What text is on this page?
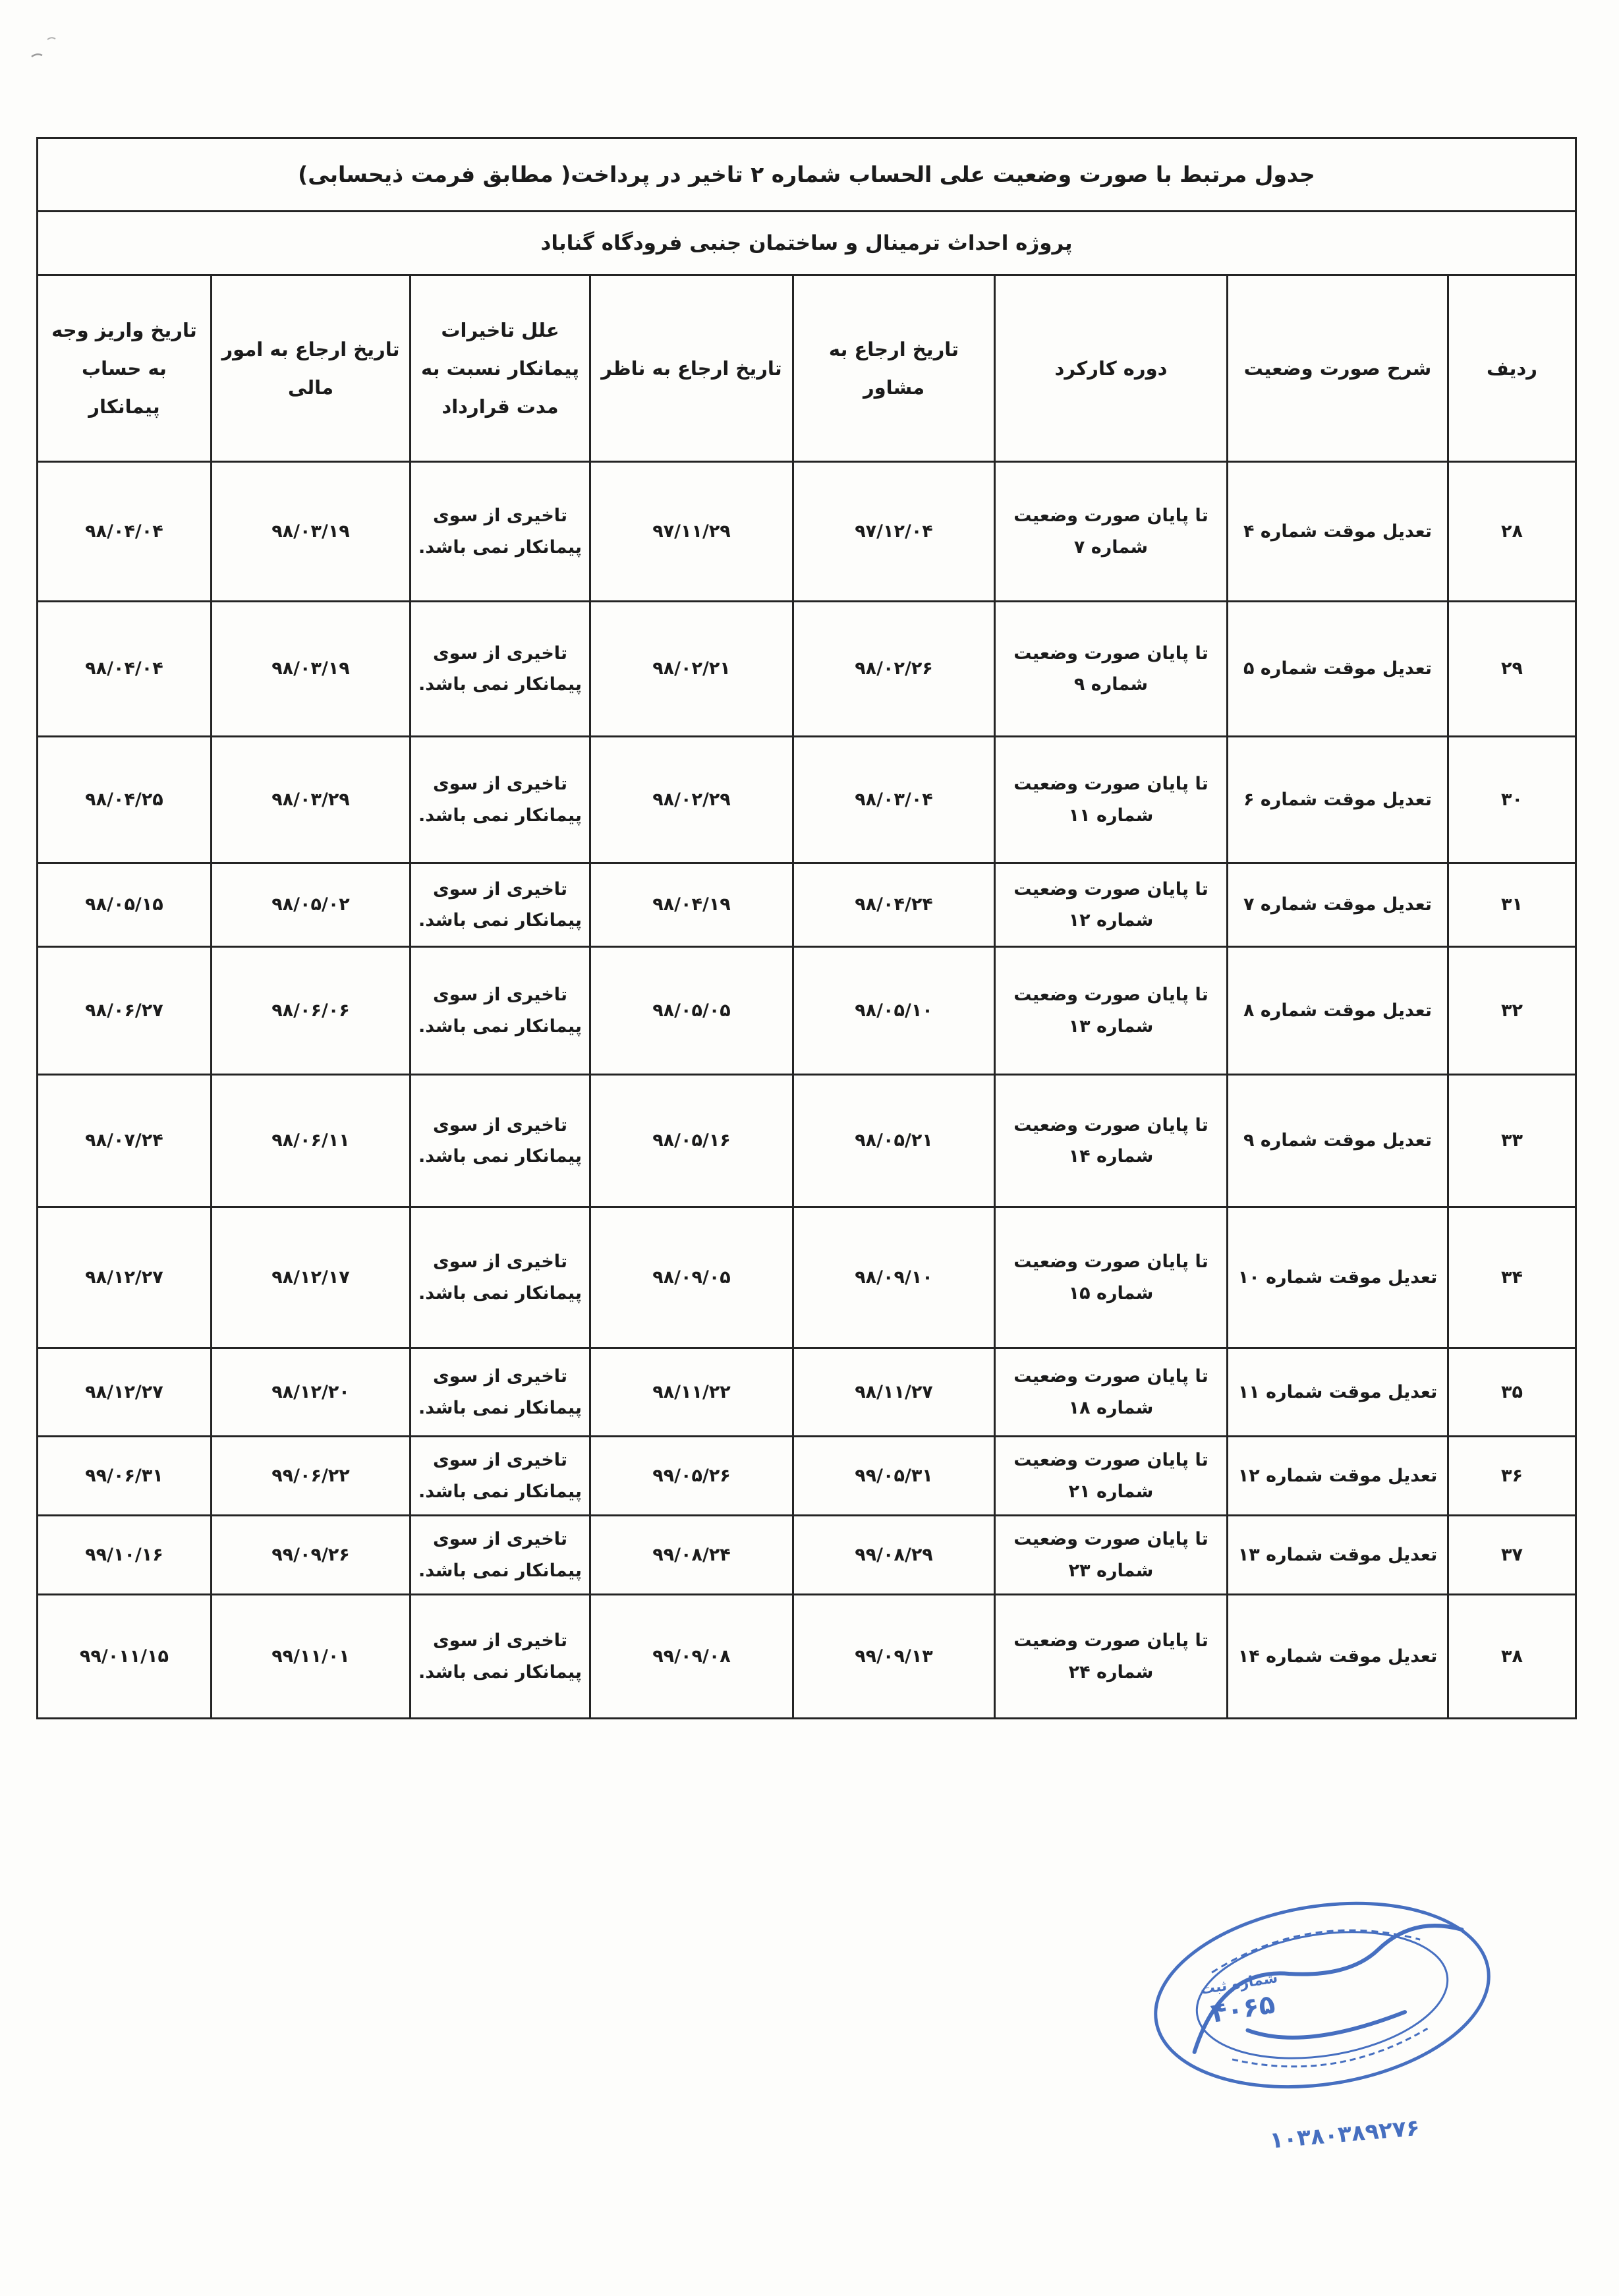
جدول مرتبط با صورت وضعیت علی الحساب شماره ۲ تاخیر در پرداخت( مطابق فرمت ذیحسابی)							
پروژه احداث ترمینال و ساختمان جنبی فرودگاه گناباد							
ردیف	شرح صورت وضعیت	دوره کارکرد	تاریخ ارجاع به مشاور	تاریخ ارجاع به ناظر	علل تاخیرات پیمانکار نسبت به مدت قرارداد	تاریخ ارجاع به امور مالی	تاریخ واریز وجه به حساب پیمانکار
۲۸	تعدیل موقت شماره ۴	تا پایان صورت وضعیت شماره ۷	۹۷/۱۲/۰۴	۹۷/۱۱/۲۹	تاخیری از سوی پیمانکار نمی باشد.	۹۸/۰۳/۱۹	۹۸/۰۴/۰۴
۲۹	تعدیل موقت شماره ۵	تا پایان صورت وضعیت شماره ۹	۹۸/۰۲/۲۶	۹۸/۰۲/۲۱	تاخیری از سوی پیمانکار نمی باشد.	۹۸/۰۳/۱۹	۹۸/۰۴/۰۴
۳۰	تعدیل موقت شماره ۶	تا پایان صورت وضعیت شماره ۱۱	۹۸/۰۳/۰۴	۹۸/۰۲/۲۹	تاخیری از سوی پیمانکار نمی باشد.	۹۸/۰۳/۲۹	۹۸/۰۴/۲۵
۳۱	تعدیل موقت شماره ۷	تا پایان صورت وضعیت شماره ۱۲	۹۸/۰۴/۲۴	۹۸/۰۴/۱۹	تاخیری از سوی پیمانکار نمی باشد.	۹۸/۰۵/۰۲	۹۸/۰۵/۱۵
۳۲	تعدیل موقت شماره ۸	تا پایان صورت وضعیت شماره ۱۳	۹۸/۰۵/۱۰	۹۸/۰۵/۰۵	تاخیری از سوی پیمانکار نمی باشد.	۹۸/۰۶/۰۶	۹۸/۰۶/۲۷
۳۳	تعدیل موقت شماره ۹	تا پایان صورت وضعیت شماره ۱۴	۹۸/۰۵/۲۱	۹۸/۰۵/۱۶	تاخیری از سوی پیمانکار نمی باشد.	۹۸/۰۶/۱۱	۹۸/۰۷/۲۴
۳۴	تعدیل موقت شماره ۱۰	تا پایان صورت وضعیت شماره ۱۵	۹۸/۰۹/۱۰	۹۸/۰۹/۰۵	تاخیری از سوی پیمانکار نمی باشد.	۹۸/۱۲/۱۷	۹۸/۱۲/۲۷
۳۵	تعدیل موقت شماره ۱۱	تا پایان صورت وضعیت شماره ۱۸	۹۸/۱۱/۲۷	۹۸/۱۱/۲۲	تاخیری از سوی پیمانکار نمی باشد.	۹۸/۱۲/۲۰	۹۸/۱۲/۲۷
۳۶	تعدیل موقت شماره ۱۲	تا پایان صورت وضعیت شماره ۲۱	۹۹/۰۵/۳۱	۹۹/۰۵/۲۶	تاخیری از سوی پیمانکار نمی باشد.	۹۹/۰۶/۲۲	۹۹/۰۶/۳۱
۳۷	تعدیل موقت شماره ۱۳	تا پایان صورت وضعیت شماره ۲۳	۹۹/۰۸/۲۹	۹۹/۰۸/۲۴	تاخیری از سوی پیمانکار نمی باشد.	۹۹/۰۹/۲۶	۹۹/۱۰/۱۶
۳۸	تعدیل موقت شماره ۱۴	تا پایان صورت وضعیت شماره ۲۴	۹۹/۰۹/۱۳	۹۹/۰۹/۰۸	تاخیری از سوی پیمانکار نمی باشد.	۹۹/۱۱/۰۱	۹۹/۰۱۱/۱۵
شماره ثبت
۴۰۶۵
۱۰۳۸۰۳۸۹۲۷۶
